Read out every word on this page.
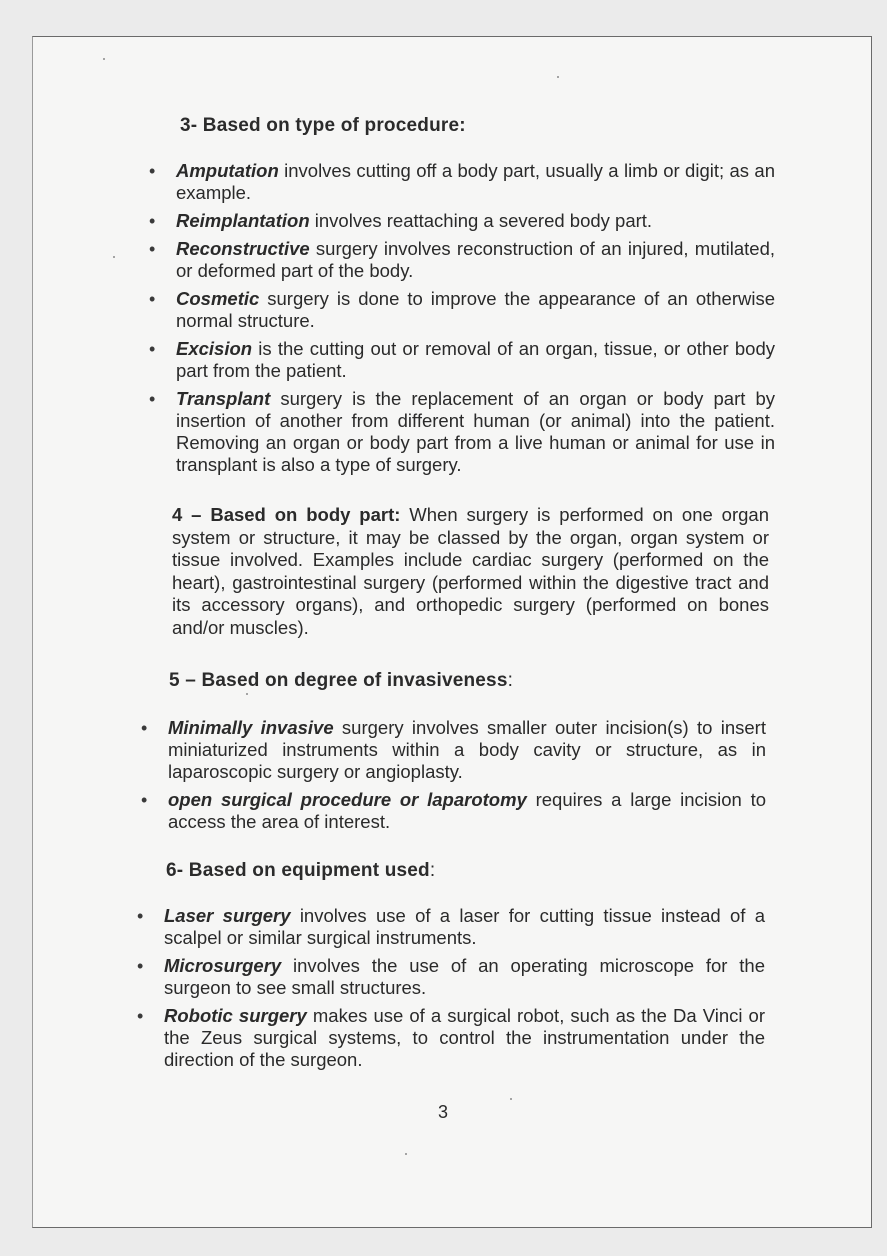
3- Based on type of procedure:
• Amputation involves cutting off a body part, usually a limb or digit; as an example.
• Reimplantation involves reattaching a severed body part.
• Reconstructive surgery involves reconstruction of an injured, mutilated, or deformed part of the body.
• Cosmetic surgery is done to improve the appearance of an otherwise normal structure.
• Excision is the cutting out or removal of an organ, tissue, or other body part from the patient.
• Transplant surgery is the replacement of an organ or body part by insertion of another from different human (or animal) into the patient. Removing an organ or body part from a live human or animal for use in transplant is also a type of surgery.
4 – Based on body part: When surgery is performed on one organ system or structure, it may be classed by the organ, organ system or tissue involved. Examples include cardiac surgery (performed on the heart), gastrointestinal surgery (performed within the digestive tract and its accessory organs), and orthopedic surgery (performed on bones and/or muscles).
5 – Based on degree of invasiveness:
• Minimally invasive surgery involves smaller outer incision(s) to insert miniaturized instruments within a body cavity or structure, as in laparoscopic surgery or angioplasty.
• open surgical procedure or laparotomy requires a large incision to access the area of interest.
6- Based on equipment used:
• Laser surgery involves use of a laser for cutting tissue instead of a scalpel or similar surgical instruments.
• Microsurgery involves the use of an operating microscope for the surgeon to see small structures.
• Robotic surgery makes use of a surgical robot, such as the Da Vinci or the Zeus surgical systems, to control the instrumentation under the direction of the surgeon.
3
